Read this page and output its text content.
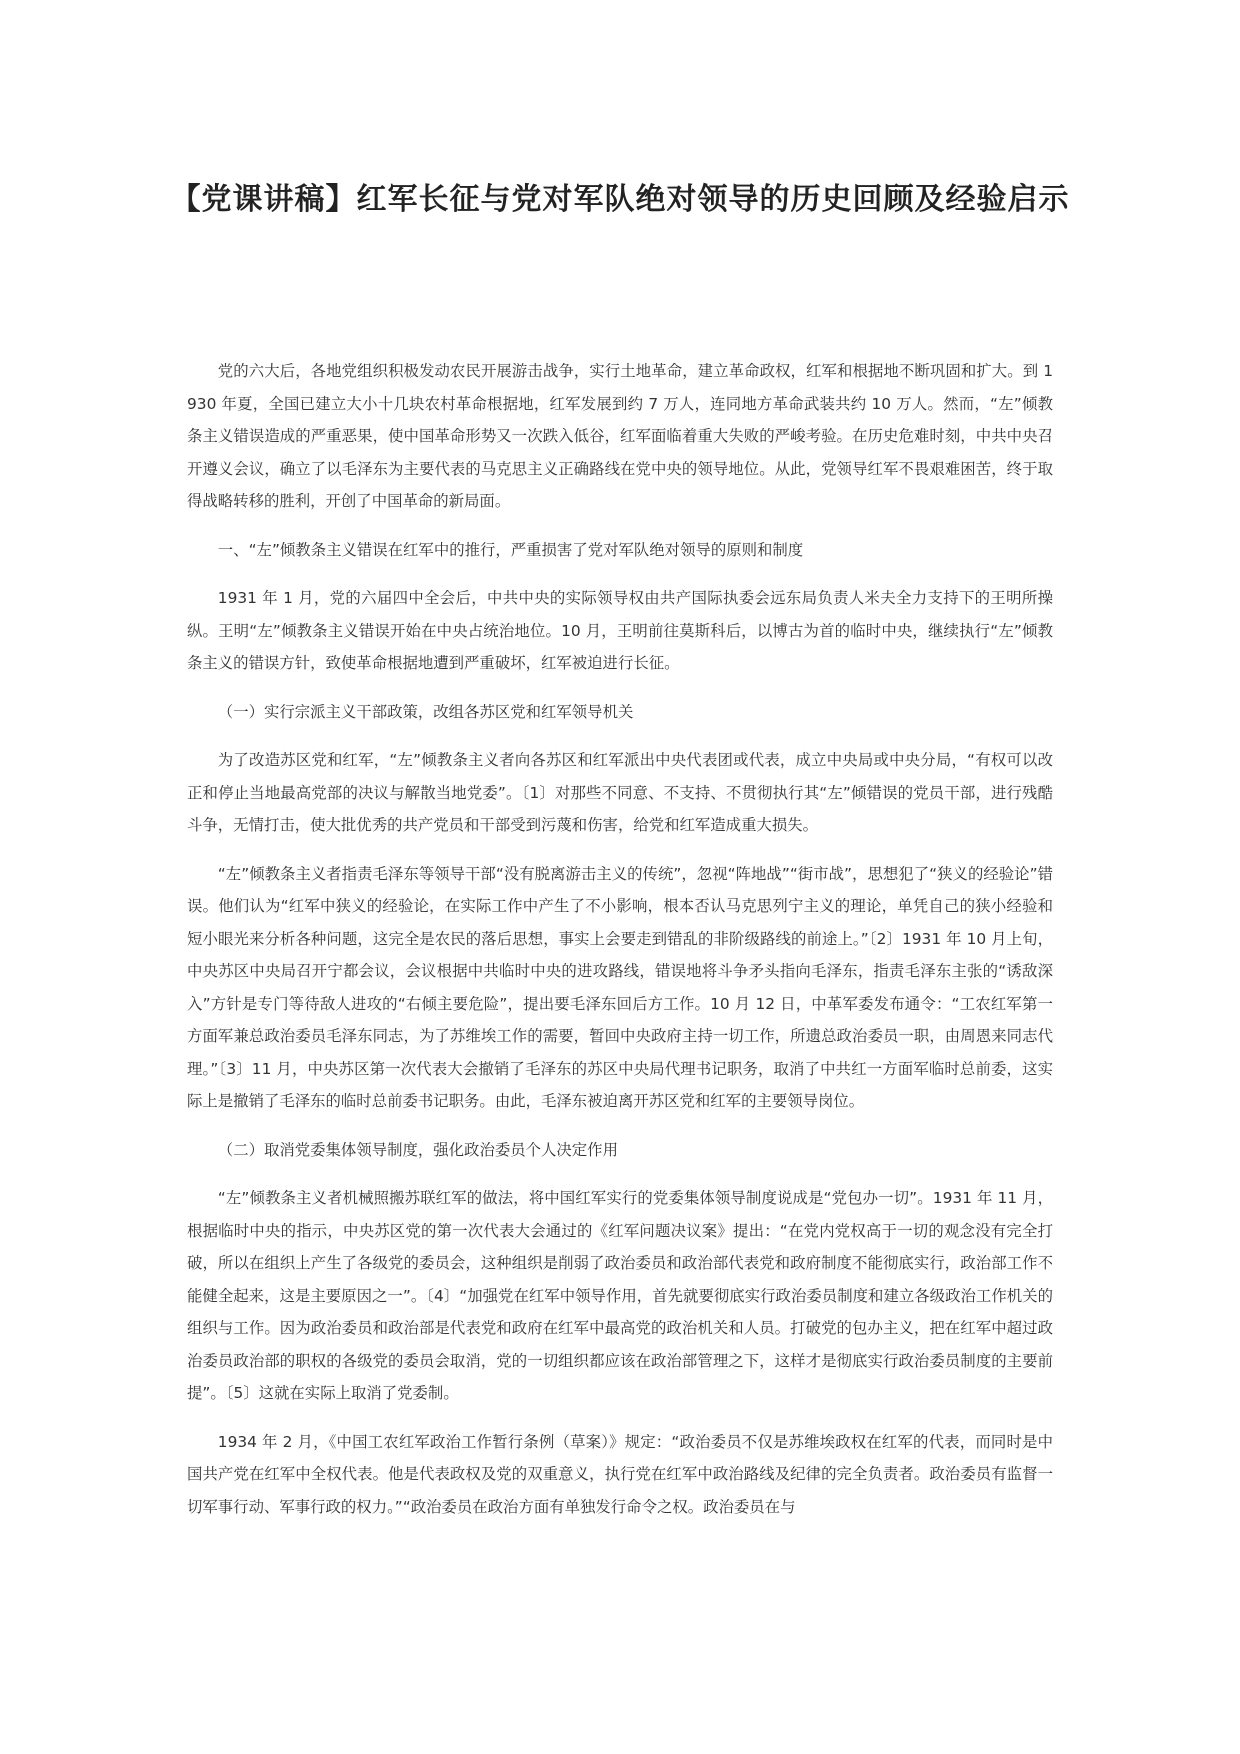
【党课讲稿】红军长征与党对军队绝对领导的历史回顾及经验启示

党的六大后，各地党组织积极发动农民开展游击战争，实行土地革命，建立革命政权，红军和根据地不断巩固和扩大。到 1930 年夏，全国已建立大小十几块农村革命根据地，红军发展到约 7 万人，连同地方革命武装共约 10 万人。然而，“左”倾教条主义错误造成的严重恶果，使中国革命形势又一次跌入低谷，红军面临着重大失败的严峻考验。在历史危难时刻，中共中央召开遵义会议，确立了以毛泽东为主要代表的马克思主义正确路线在党中央的领导地位。从此，党领导红军不畏艰难困苦，终于取得战略转移的胜利，开创了中国革命的新局面。

一、“左”倾教条主义错误在红军中的推行，严重损害了党对军队绝对领导的原则和制度

1931 年 1 月，党的六届四中全会后，中共中央的实际领导权由共产国际执委会远东局负责人米夫全力支持下的王明所操纵。王明“左”倾教条主义错误开始在中央占统治地位。10 月，王明前往莫斯科后，以博古为首的临时中央，继续执行“左”倾教条主义的错误方针，致使革命根据地遭到严重破坏，红军被迫进行长征。

（一）实行宗派主义干部政策，改组各苏区党和红军领导机关

为了改造苏区党和红军，“左”倾教条主义者向各苏区和红军派出中央代表团或代表，成立中央局或中央分局，“有权可以改正和停止当地最高党部的决议与解散当地党委”。〔1〕对那些不同意、不支持、不贯彻执行其“左”倾错误的党员干部，进行残酷斗争，无情打击，使大批优秀的共产党员和干部受到污蔑和伤害，给党和红军造成重大损失。

“左”倾教条主义者指责毛泽东等领导干部“没有脱离游击主义的传统”，忽视“阵地战”“街市战”，思想犯了“狭义的经验论”错误。他们认为“红军中狭义的经验论，在实际工作中产生了不小影响，根本否认马克思列宁主义的理论，单凭自己的狭小经验和短小眼光来分析各种问题，这完全是农民的落后思想，事实上会要走到错乱的非阶级路线的前途上。”〔2〕1931 年 10 月上旬，中央苏区中央局召开宁都会议，会议根据中共临时中央的进攻路线，错误地将斗争矛头指向毛泽东，指责毛泽东主张的“诱敌深入”方针是专门等待敌人进攻的“右倾主要危险”，提出要毛泽东回后方工作。10 月 12 日，中革军委发布通令：“工农红军第一方面军兼总政治委员毛泽东同志，为了苏维埃工作的需要，暂回中央政府主持一切工作，所遗总政治委员一职，由周恩来同志代理。”〔3〕11 月，中央苏区第一次代表大会撤销了毛泽东的苏区中央局代理书记职务，取消了中共红一方面军临时总前委，这实际上是撤销了毛泽东的临时总前委书记职务。由此，毛泽东被迫离开苏区党和红军的主要领导岗位。

（二）取消党委集体领导制度，强化政治委员个人决定作用

“左”倾教条主义者机械照搬苏联红军的做法，将中国红军实行的党委集体领导制度说成是“党包办一切”。1931 年 11 月，根据临时中央的指示，中央苏区党的第一次代表大会通过的《红军问题决议案》提出：“在党内党权高于一切的观念没有完全打破，所以在组织上产生了各级党的委员会，这种组织是削弱了政治委员和政治部代表党和政府制度不能彻底实行，政治部工作不能健全起来，这是主要原因之一”。〔4〕“加强党在红军中领导作用，首先就要彻底实行政治委员制度和建立各级政治工作机关的组织与工作。因为政治委员和政治部是代表党和政府在红军中最高党的政治机关和人员。打破党的包办主义，把在红军中超过政治委员政治部的职权的各级党的委员会取消，党的一切组织都应该在政治部管理之下，这样才是彻底实行政治委员制度的主要前提”。〔5〕这就在实际上取消了党委制。

1934 年 2 月，《中国工农红军政治工作暂行条例（草案）》规定：“政治委员不仅是苏维埃政权在红军的代表，而同时是中国共产党在红军中全权代表。他是代表政权及党的双重意义，执行党在红军中政治路线及纪律的完全负责者。政治委员有监督一切军事行动、军事行政的权力。”“政治委员在政治方面有单独发行命令之权。政治委员在与
